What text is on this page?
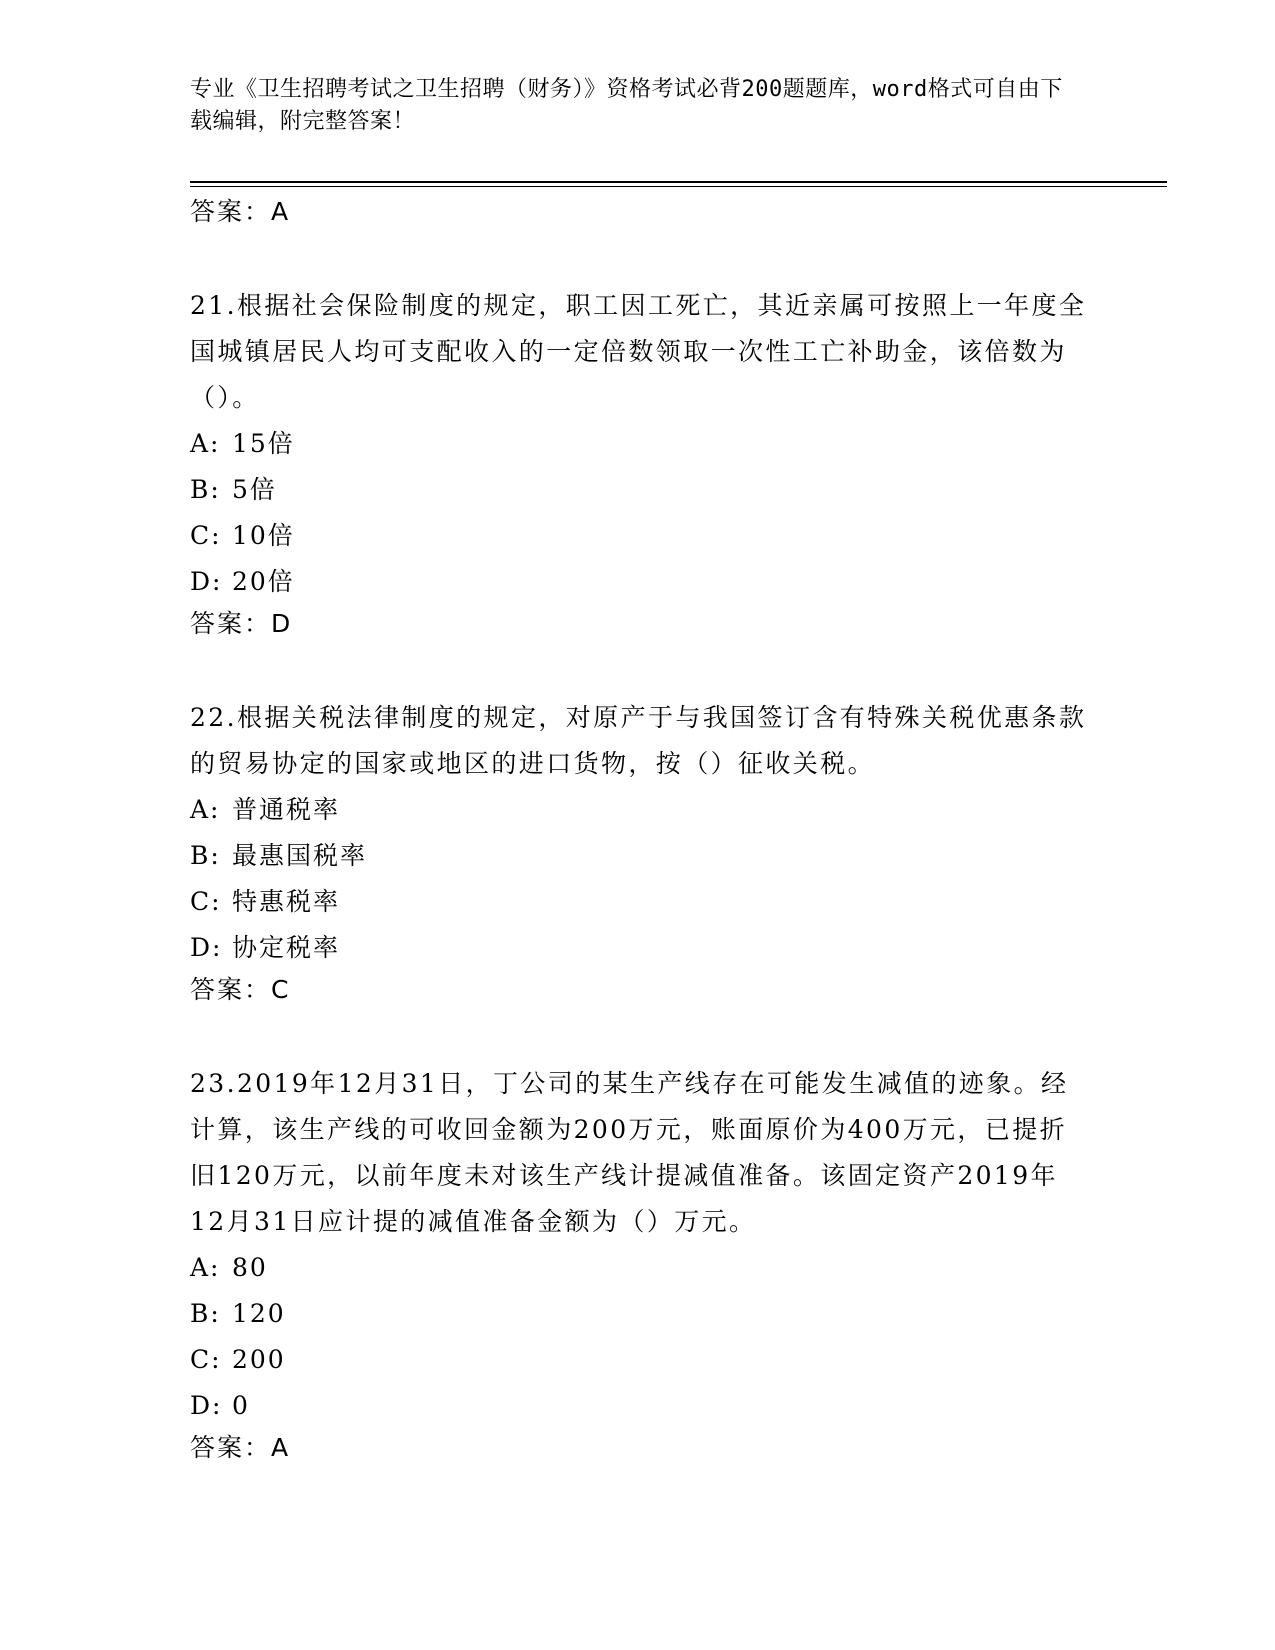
专业《卫生招聘考试之卫生招聘（财务）》资格考试必背200题题库，word格式可自由下载编辑，附完整答案！

答案：A

21.根据社会保险制度的规定，职工因工死亡，其近亲属可按照上一年度全国城镇居民人均可支配收入的一定倍数领取一次性工亡补助金，该倍数为（）。

A: 15倍
B: 5倍
C: 10倍
D: 20倍

答案：D

22.根据关税法律制度的规定，对原产于与我国签订含有特殊关税优惠条款的贸易协定的国家或地区的进口货物，按（）征收关税。

A: 普通税率
B: 最惠国税率
C: 特惠税率
D: 协定税率

答案：C

23.2019年12月31日，丁公司的某生产线存在可能发生减值的迹象。经计算，该生产线的可收回金额为200万元，账面原价为400万元，已提折旧120万元，以前年度未对该生产线计提减值准备。该固定资产2019年12月31日应计提的减值准备金额为（）万元。

A: 80
B: 120
C: 200
D: 0

答案：A
